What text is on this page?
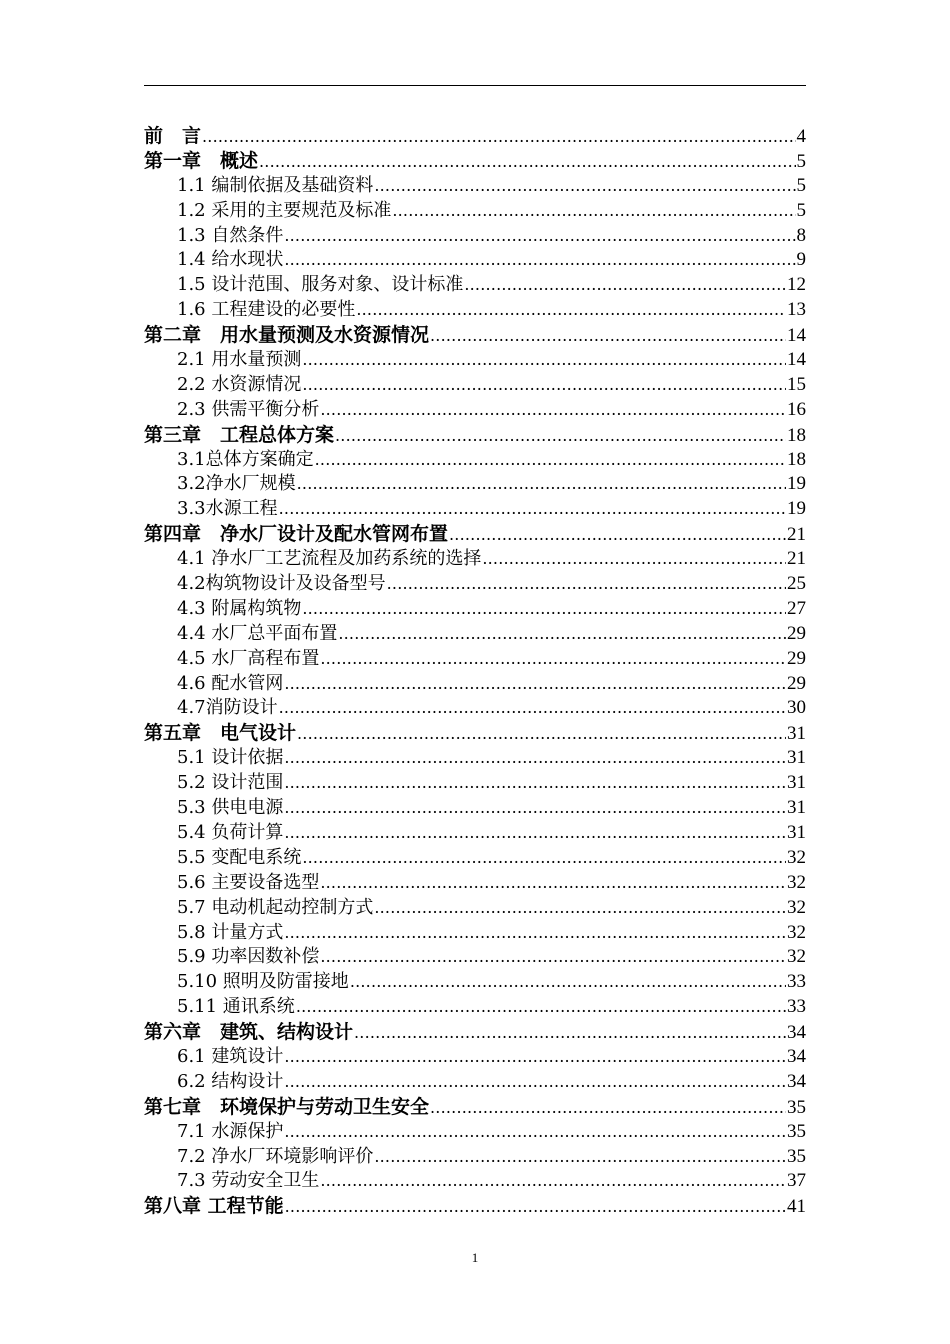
前　言 .....	4
第一章　概述 .....	5
1.1 编制依据及基础资料 .....	5
1.2 采用的主要规范及标准 .....	5
1.3 自然条件 .....	8
1.4 给水现状 .....	9
1.5 设计范围、服务对象、设计标准 .....	12
1.6 工程建设的必要性 .....	13
第二章　用水量预测及水资源情况 .....	14
2.1 用水量预测 .....	14
2.2 水资源情况 .....	15
2.3 供需平衡分析 .....	16
第三章　工程总体方案 .....	18
3.1总体方案确定 .....	18
3.2净水厂规模 .....	19
3.3水源工程 .....	19
第四章　净水厂设计及配水管网布置 .....	21
4.1 净水厂工艺流程及加药系统的选择 .....	21
4.2构筑物设计及设备型号 .....	25
4.3 附属构筑物 .....	27
4.4 水厂总平面布置 .....	29
4.5 水厂高程布置 .....	29
4.6 配水管网 .....	29
4.7消防设计 .....	30
第五章　电气设计 .....	31
5.1 设计依据 .....	31
5.2 设计范围 .....	31
5.3 供电电源 .....	31
5.4 负荷计算 .....	31
5.5 变配电系统 .....	32
5.6 主要设备选型 .....	32
5.7 电动机起动控制方式 .....	32
5.8 计量方式 .....	32
5.9 功率因数补偿 .....	32
5.10 照明及防雷接地 .....	33
5.11 通讯系统 .....	33
第六章　建筑、结构设计 .....	34
6.1 建筑设计 .....	34
6.2 结构设计 .....	34
第七章　环境保护与劳动卫生安全 .....	35
7.1 水源保护 .....	35
7.2 净水厂环境影响评价 .....	35
7.3 劳动安全卫生 .....	37
第八章 工程节能 .....	41
1
